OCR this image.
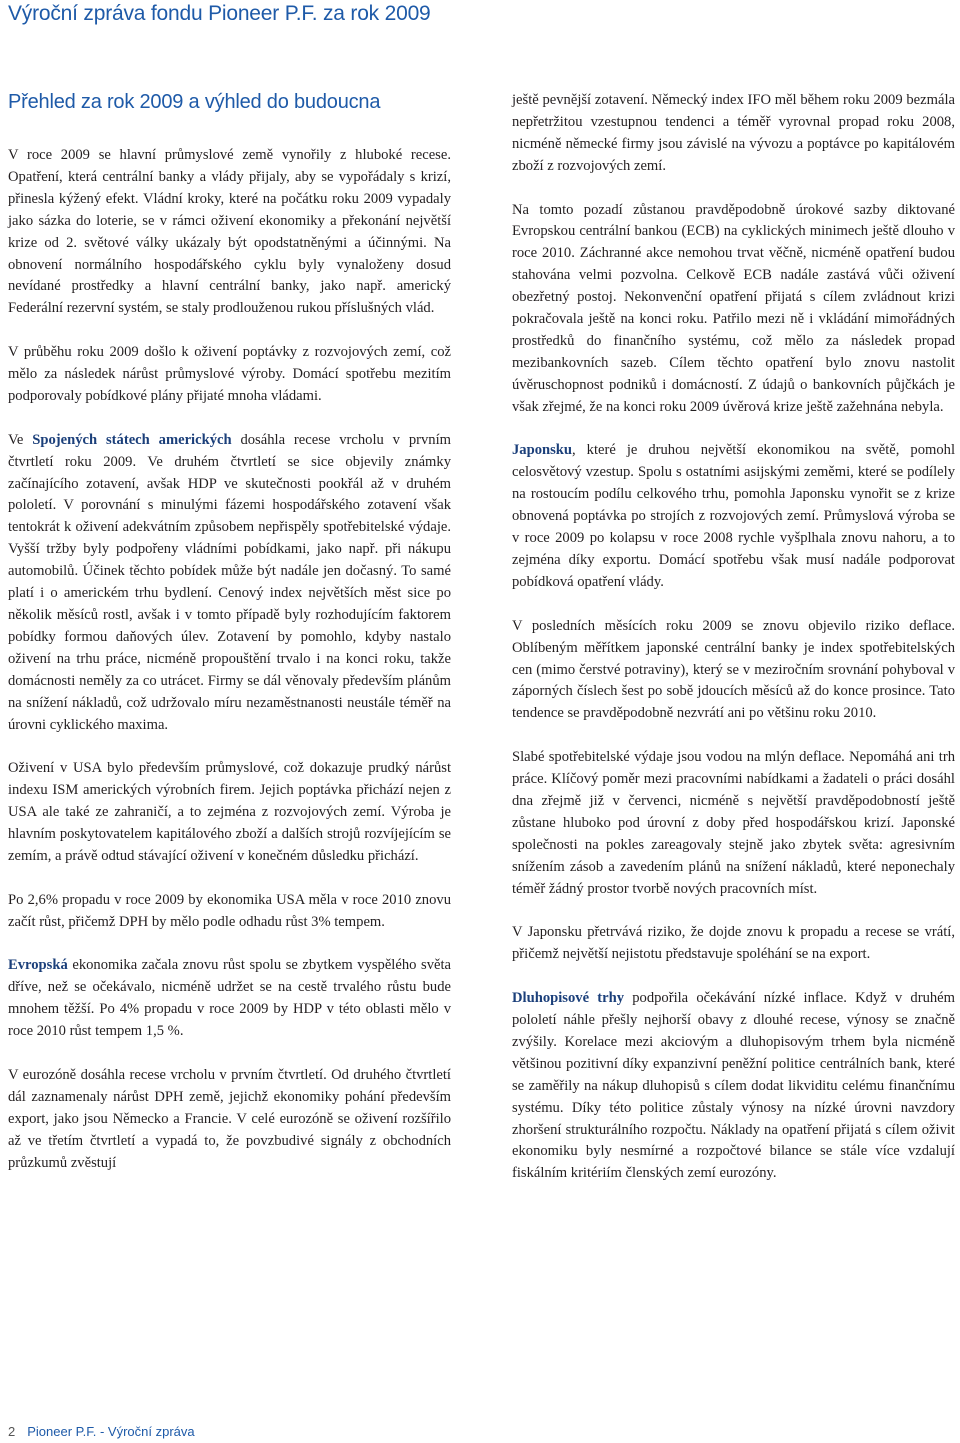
Výroční zpráva fondu Pioneer P.F. za rok 2009
Přehled za rok 2009 a výhled do budoucna

V roce 2009 se hlavní průmyslové země vynořily z hluboké recese. Opatření, která centrální banky a vlády přijaly, aby se vypořádaly s krizí, přinesla kýžený efekt. Vládní kroky, které na počátku roku 2009 vypadaly jako sázka do loterie, se v rámci oživení ekonomiky a překonání největší krize od 2. světové války ukázaly být opodstatněnými a účinnými. Na obnovení normálního hospodářského cyklu byly vynaloženy dosud nevídané prostředky a hlavní centrální banky, jako např. americký Federální rezervní systém, se staly prodlouženou rukou příslušných vlád.

V průběhu roku 2009 došlo k oživení poptávky z rozvojových zemí, což mělo za následek nárůst průmyslové výroby. Domácí spotřebu mezitím podporovaly pobídkové plány přijaté mnoha vládami.

Ve Spojených státech amerických dosáhla recese vrcholu v prvním čtvrtletí roku 2009. Ve druhém čtvrtletí se sice objevily známky začínajícího zotavení, avšak HDP ve skutečnosti pookřál až v druhém pololetí. V porovnání s minulými fázemi hospodářského zotavení však tentokrát k oživení adekvátním způsobem nepřispěly spotřebitelské výdaje. Vyšší tržby byly podpořeny vládními pobídkami, jako např. při nákupu automobilů. Účinek těchto pobídek může být nadále jen dočasný. To samé platí i o americkém trhu bydlení. Cenový index největších měst sice po několik měsíců rostl, avšak i v tomto případě byly rozhodujícím faktorem pobídky formou daňových úlev. Zotavení by pomohlo, kdyby nastalo oživení na trhu práce, nicméně propouštění trvalo i na konci roku, takže domácnosti neměly za co utrácet. Firmy se dál věnovaly především plánům na snížení nákladů, což udržovalo míru nezaměstnanosti neustále téměř na úrovni cyklického maxima.

Oživení v USA bylo především průmyslové, což dokazuje prudký nárůst indexu ISM amerických výrobních firem. Jejich poptávka přichází nejen z USA ale také ze zahraničí, a to zejména z rozvojových zemí. Výroba je hlavním poskytovatelem kapitálového zboží a dalších strojů rozvíjejícím se zemím, a právě odtud stávající oživení v konečném důsledku přichází.

Po 2,6% propadu v roce 2009 by ekonomika USA měla v roce 2010 znovu začít růst, přičemž DPH by mělo podle odhadu růst 3% tempem.

Evropská ekonomika začala znovu růst spolu se zbytkem vyspělého světa dříve, než se očekávalo, nicméně udržet se na cestě trvalého růstu bude mnohem těžší. Po 4% propadu v roce 2009 by HDP v této oblasti mělo v roce 2010 růst tempem 1,5 %.

V eurozóně dosáhla recese vrcholu v prvním čtvrtletí. Od druhého čtvrtletí dál zaznamenaly nárůst DPH země, jejichž ekonomiky pohání především export, jako jsou Německo a Francie. V celé eurozóně se oživení rozšířilo až ve třetím čtvrtletí a vypadá to, že povzbudivé signály z obchodních průzkumů zvěstují

ještě pevnější zotavení. Německý index IFO měl během roku 2009 bezmála nepřetržitou vzestupnou tendenci a téměř vyrovnal propad roku 2008, nicméně německé firmy jsou závislé na vývozu a poptávce po kapitálovém zboží z rozvojových zemí.

Na tomto pozadí zůstanou pravděpodobně úrokové sazby diktované Evropskou centrální bankou (ECB) na cyklických minimech ještě dlouho v roce 2010. Záchranné akce nemohou trvat věčně, nicméně opatření budou stahována velmi pozvolna. Celkově ECB nadále zastává vůči oživení obezřetný postoj. Nekonvenční opatření přijatá s cílem zvládnout krizi pokračovala ještě na konci roku. Patřilo mezi ně i vkládání mimořádných prostředků do finančního systému, což mělo za následek propad mezibankovních sazeb. Cílem těchto opatření bylo znovu nastolit úvěruschopnost podniků i domácností. Z údajů o bankovních půjčkách je však zřejmé, že na konci roku 2009 úvěrová krize ještě zažehnána nebyla.

Japonsku, které je druhou největší ekonomikou na světě, pomohl celosvětový vzestup. Spolu s ostatními asijskými zeměmi, které se podílely na rostoucím podílu celkového trhu, pomohla Japonsku vynořit se z krize obnovená poptávka po strojích z rozvojových zemí. Průmyslová výroba se v roce 2009 po kolapsu v roce 2008 rychle vyšplhala znovu nahoru, a to zejména díky exportu. Domácí spotřebu však musí nadále podporovat pobídková opatření vlády.

V posledních měsících roku 2009 se znovu objevilo riziko deflace. Oblíbeným měřítkem japonské centrální banky je index spotřebitelských cen (mimo čerstvé potraviny), který se v meziročním srovnání pohyboval v záporných číslech šest po sobě jdoucích měsíců až do konce prosince. Tato tendence se pravděpodobně nezvrátí ani po většinu roku 2010.

Slabé spotřebitelské výdaje jsou vodou na mlýn deflace. Nepomáhá ani trh práce. Klíčový poměr mezi pracovními nabídkami a žadateli o práci dosáhl dna zřejmě již v červenci, nicméně s největší pravděpodobností ještě zůstane hluboko pod úrovní z doby před hospodářskou krizí. Japonské společnosti na pokles zareagovaly stejně jako zbytek světa: agresivním snížením zásob a zavedením plánů na snížení nákladů, které neponechaly téměř žádný prostor tvorbě nových pracovních míst.

V Japonsku přetrvává riziko, že dojde znovu k propadu a recese se vrátí, přičemž největší nejistotu představuje spoléhání se na export.

Dluhopisové trhy podpořila očekávání nízké inflace. Když v druhém pololetí náhle přešly nejhorší obavy z dlouhé recese, výnosy se značně zvýšily. Korelace mezi akciovým a dluhopisovým trhem byla nicméně většinou pozitivní díky expanzivní peněžní politice centrálních bank, které se zaměřily na nákup dluhopisů s cílem dodat likviditu celému finančnímu systému. Díky této politice zůstaly výnosy na nízké úrovni navzdory zhoršení strukturálního rozpočtu. Náklady na opatření přijatá s cílem oživit ekonomiku byly nesmírné a rozpočtové bilance se stále více vzdalují fiskálním kritériím členských zemí eurozóny.

2 Pioneer P.F. - Výroční zpráva
